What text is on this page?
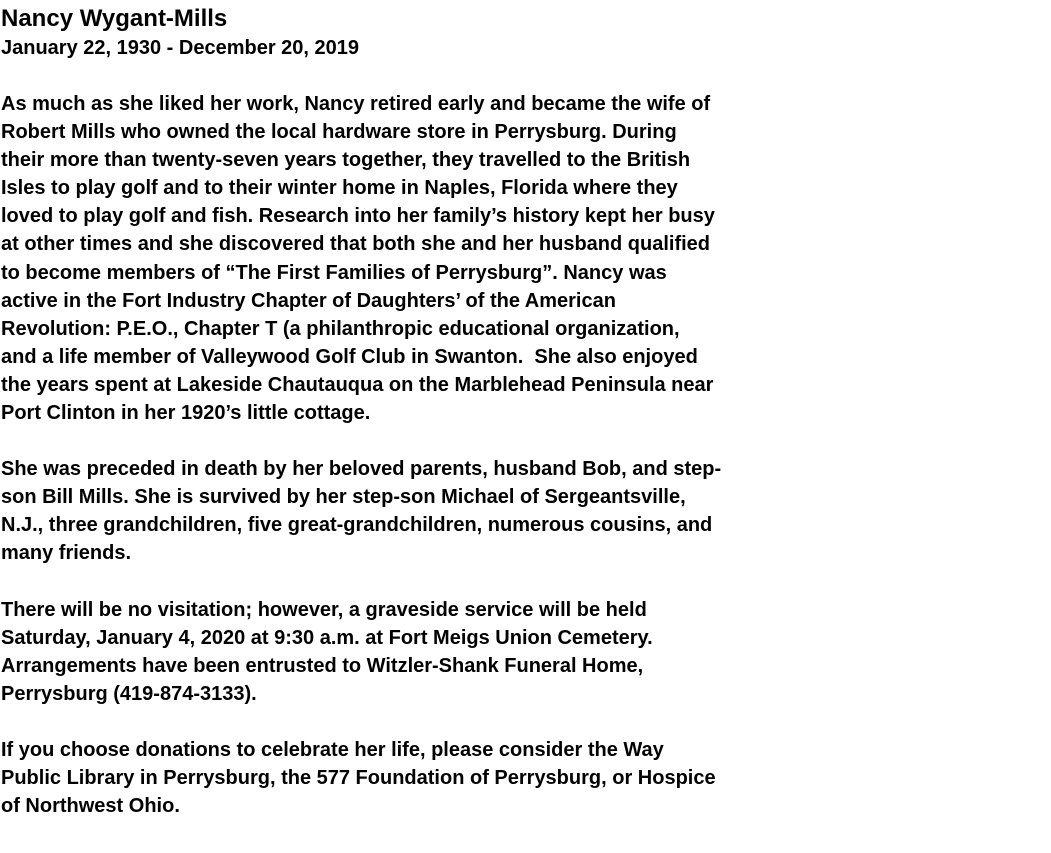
Nancy Wygant-Mills
January 22, 1930 - December 20, 2019
As much as she liked her work, Nancy retired early and became the wife of
Robert Mills who owned the local hardware store in Perrysburg. During
their more than twenty-seven years together, they travelled to the British
Isles to play golf and to their winter home in Naples, Florida where they
loved to play golf and fish. Research into her family’s history kept her busy
at other times and she discovered that both she and her husband qualified
to become members of “The First Families of Perrysburg”. Nancy was
active in the Fort Industry Chapter of Daughters’ of the American
Revolution: P.E.O., Chapter T (a philanthropic educational organization,
and a life member of Valleywood Golf Club in Swanton.  She also enjoyed
the years spent at Lakeside Chautauqua on the Marblehead Peninsula near
Port Clinton in her 1920’s little cottage.
She was preceded in death by her beloved parents, husband Bob, and step-
son Bill Mills. She is survived by her step-son Michael of Sergeantsville,
N.J., three grandchildren, five great-grandchildren, numerous cousins, and
many friends.
There will be no visitation; however, a graveside service will be held
Saturday, January 4, 2020 at 9:30 a.m. at Fort Meigs Union Cemetery.
Arrangements have been entrusted to Witzler-Shank Funeral Home,
Perrysburg (419-874-3133).
If you choose donations to celebrate her life, please consider the Way
Public Library in Perrysburg, the 577 Foundation of Perrysburg, or Hospice
of Northwest Ohio.
